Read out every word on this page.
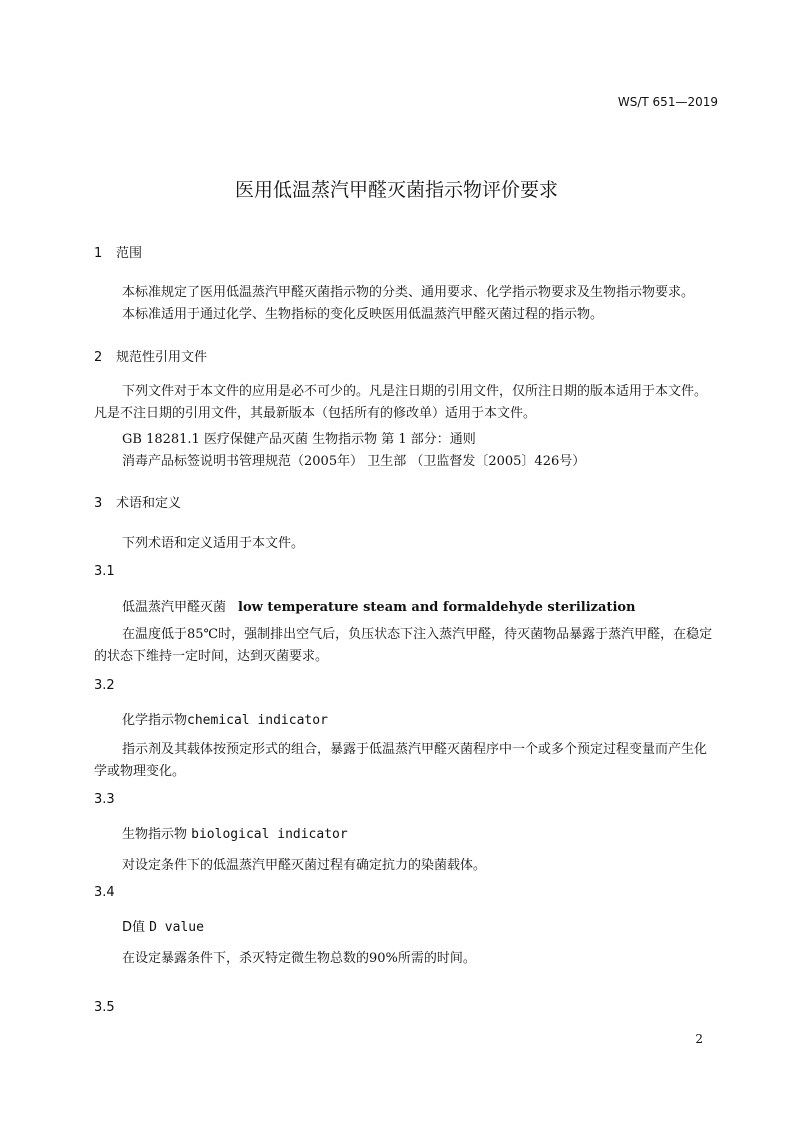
WS/T 651—2019
医用低温蒸汽甲醛灭菌指示物评价要求
1 范围
本标准规定了医用低温蒸汽甲醛灭菌指示物的分类、通用要求、化学指示物要求及生物指示物要求。
本标准适用于通过化学、生物指标的变化反映医用低温蒸汽甲醛灭菌过程的指示物。
2 规范性引用文件
下列文件对于本文件的应用是必不可少的。凡是注日期的引用文件，仅所注日期的版本适用于本文件。凡是不注日期的引用文件，其最新版本（包括所有的修改单）适用于本文件。
GB 18281.1 医疗保健产品灭菌 生物指示物 第 1 部分：通则
消毒产品标签说明书管理规范（2005年） 卫生部 （卫监督发〔2005〕426号）
3 术语和定义
下列术语和定义适用于本文件。
3.1
低温蒸汽甲醛灭菌 low temperature steam and formaldehyde sterilization
在温度低于85℃时，强制排出空气后，负压状态下注入蒸汽甲醛，待灭菌物品暴露于蒸汽甲醛，在稳定的状态下维持一定时间，达到灭菌要求。
3.2
化学指示物chemical indicator
指示剂及其载体按预定形式的组合，暴露于低温蒸汽甲醛灭菌程序中一个或多个预定过程变量而产生化学或物理变化。
3.3
生物指示物 biological indicator
对设定条件下的低温蒸汽甲醛灭菌过程有确定抗力的染菌载体。
3.4
D值 D value
在设定暴露条件下，杀灭特定微生物总数的90%所需的时间。
3.5
2
